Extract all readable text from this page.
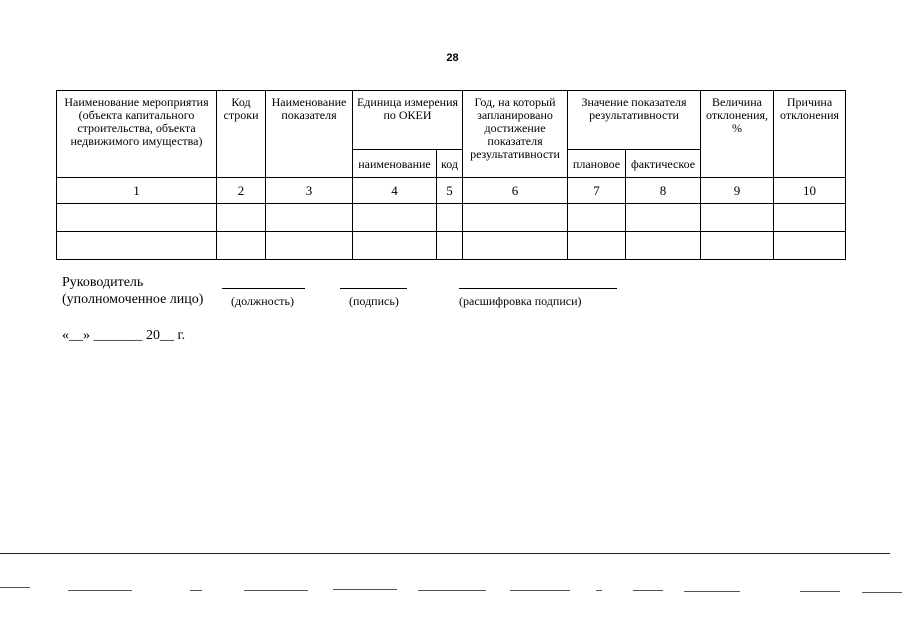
28
Наименование мероприятия (объекта капитального строительства, объекта недвижимого имущества)	Код строки	Наименование показателя	Единица измерения по ОКЕИ		Год, на который запланировано достижение показателя результативности	Значение показателя результативности		Величина отклонения, %	Причина отклонения
			наименование	код		плановое	фактическое		
1	2	3	4	5	6	7	8	9	10

Руководитель
(уполномоченное лицо) (должность)	(подпись)	(расшифровка подписи)
«__» _______ 20__ г.
